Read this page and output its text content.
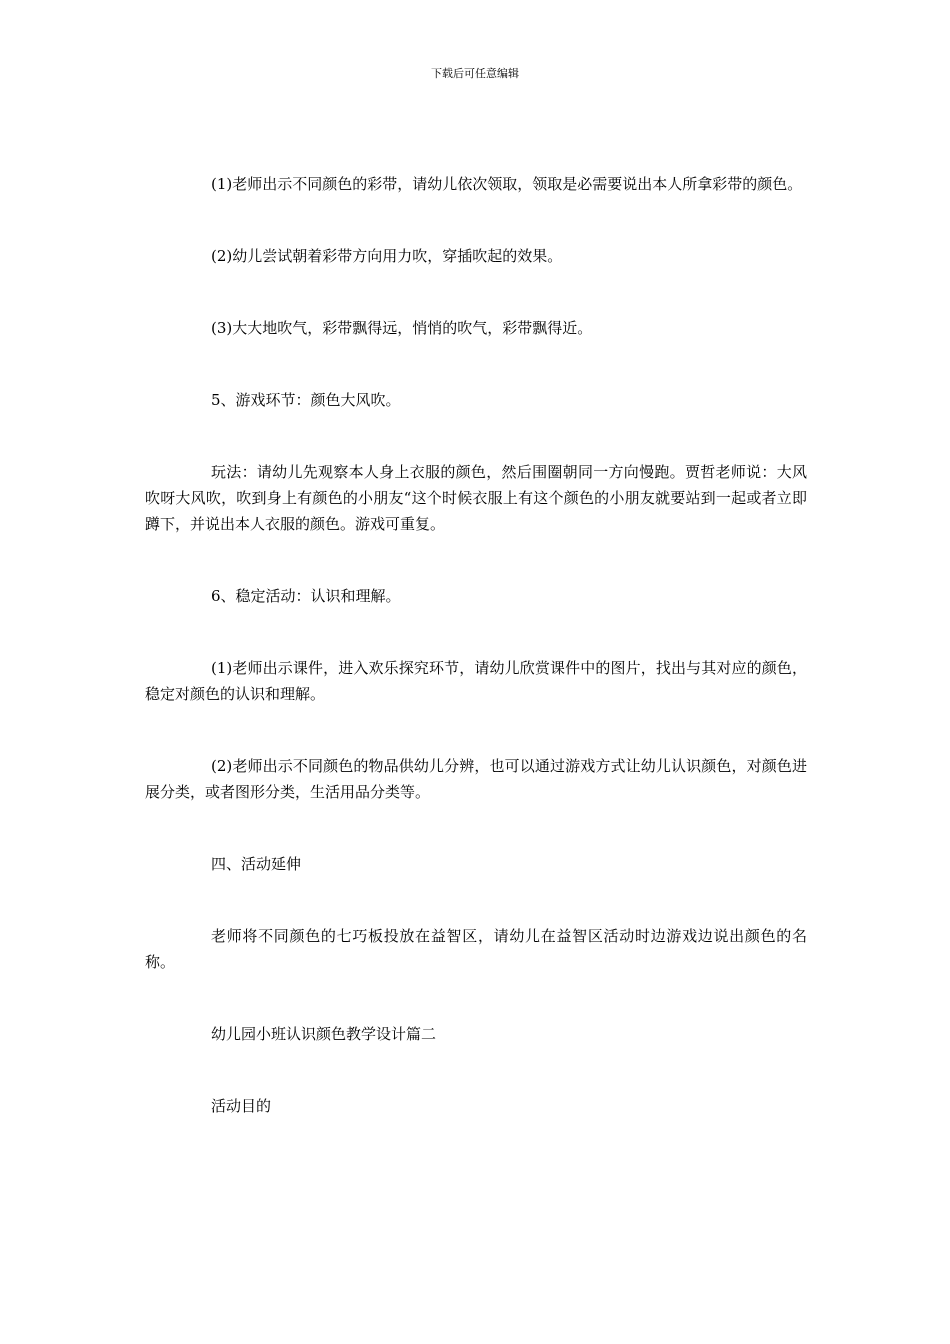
下载后可任意编辑

(1)老师出示不同颜色的彩带，请幼儿依次领取，领取是必需要说出本人所拿彩带的颜色。

(2)幼儿尝试朝着彩带方向用力吹，穿插吹起的效果。

(3)大大地吹气，彩带飘得远，悄悄的吹气，彩带飘得近。

5、游戏环节：颜色大风吹。

玩法：请幼儿先观察本人身上衣服的颜色，然后围圈朝同一方向慢跑。贾哲老师说：大风吹呀大风吹，吹到身上有颜色的小朋友“这个时候衣服上有这个颜色的小朋友就要站到一起或者立即蹲下，并说出本人衣服的颜色。游戏可重复。

6、稳定活动：认识和理解。

(1)老师出示课件，进入欢乐探究环节，请幼儿欣赏课件中的图片，找出与其对应的颜色，稳定对颜色的认识和理解。

(2)老师出示不同颜色的物品供幼儿分辨，也可以通过游戏方式让幼儿认识颜色，对颜色进展分类，或者图形分类，生活用品分类等。

四、活动延伸

老师将不同颜色的七巧板投放在益智区，请幼儿在益智区活动时边游戏边说出颜色的名称。

幼儿园小班认识颜色教学设计篇二

活动目的
